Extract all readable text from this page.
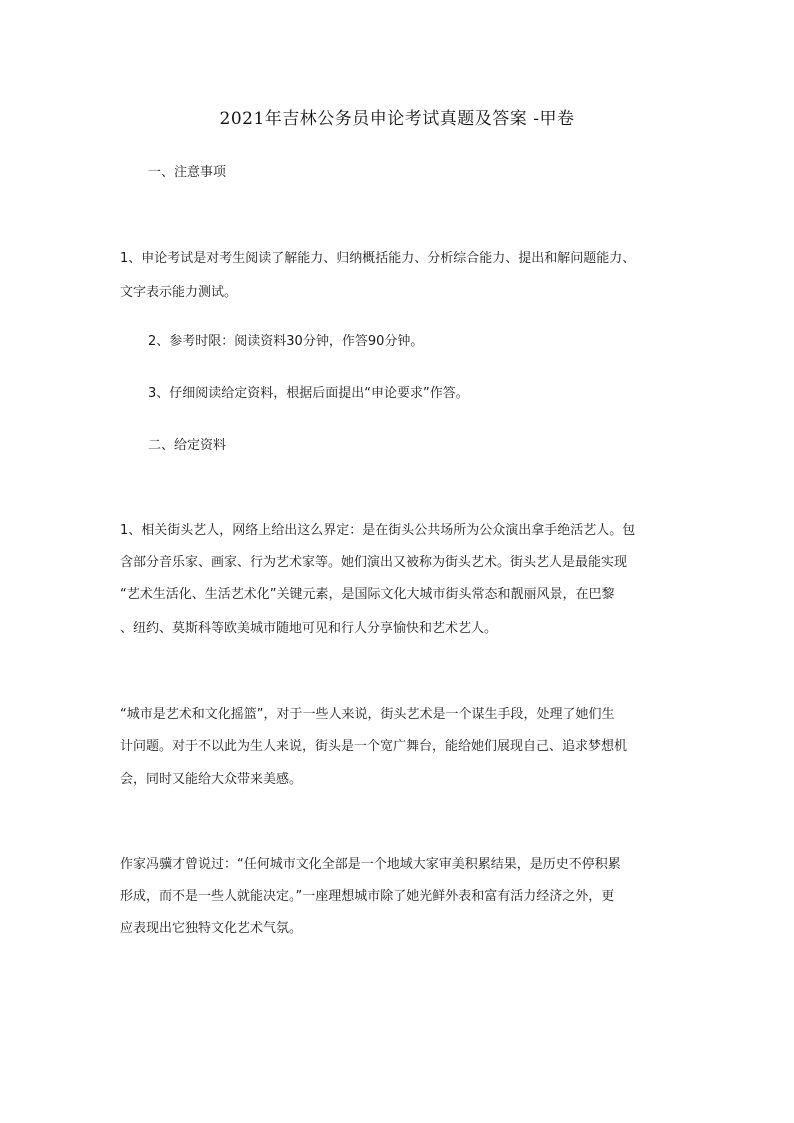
2021年吉林公务员申论考试真题及答案 -甲卷
一、注意事项
1、申论考试是对考生阅读了解能力、归纳概括能力、分析综合能力、提出和解问题能力、
文字表示能力测试。
2、参考时限：阅读资料30分钟，作答90分钟。
3、仔细阅读给定资料，根据后面提出“申论要求”作答。
二、给定资料
1、相关街头艺人，网络上给出这么界定：是在街头公共场所为公众演出拿手绝活艺人。包
含部分音乐家、画家、行为艺术家等。她们演出又被称为街头艺术。街头艺人是最能实现
“艺术生活化、生活艺术化”关键元素，是国际文化大城市街头常态和靓丽风景，在巴黎
、纽约、莫斯科等欧美城市随地可见和行人分享愉快和艺术艺人。
“城市是艺术和文化摇篮”，对于一些人来说，街头艺术是一个谋生手段，处理了她们生
计问题。对于不以此为生人来说，街头是一个宽广舞台，能给她们展现自己、追求梦想机
会，同时又能给大众带来美感。
作家冯骥才曾说过：“任何城市文化全部是一个地域大家审美积累结果，是历史不停积累
形成，而不是一些人就能决定。”一座理想城市除了她光鲜外表和富有活力经济之外，更
应表现出它独特文化艺术气氛。
